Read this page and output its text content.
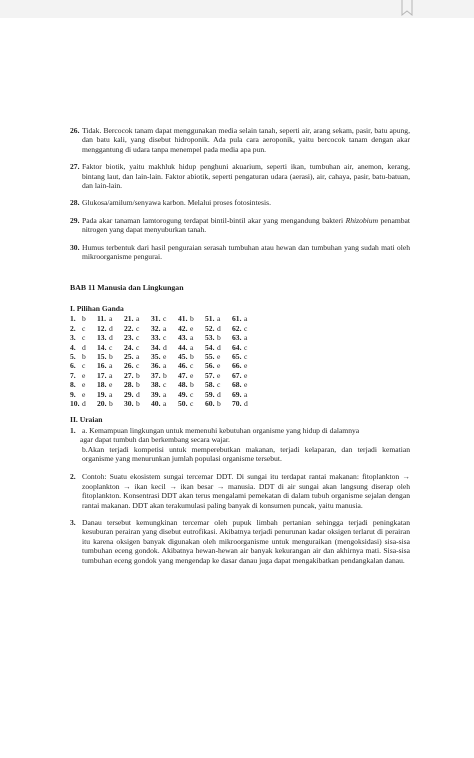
26. Tidak. Bercocok tanam dapat menggunakan media selain tanah, seperti air, arang sekam, pasir, batu apung, dan batu kali, yang disebut hidroponik. Ada pula cara aeroponik, yaitu bercocok tanam dengan akar menggantung di udara tanpa menempel pada media apa pun.
27. Faktor biotik, yaitu makhluk hidup penghuni akuarium, seperti ikan, tumbuhan air, anemon, kerang, bintang laut, dan lain-lain. Faktor abiotik, seperti pengaturan udara (aerasi), air, cahaya, pasir, batu-batuan, dan lain-lain.
28. Glukosa/amilum/senyawa karbon. Melalui proses fotosintesis.
29. Pada akar tanaman lamtorogung terdapat bintil-bintil akar yang mengandung bakteri Rhizobium penambat nitrogen yang dapat menyuburkan tanah.
30. Humus terbentuk dari hasil penguraian serasah tumbuhan atau hewan dan tumbuhan yang sudah mati oleh mikroorganisme pengurai.
BAB 11 Manusia dan Lingkungan
I. Pilihan Ganda
1.	b	11.	a	21.	a	31.	c	41.	b	51.	a	61.	a
2.	c	12.	d	22.	c	32.	a	42.	e	52.	d	62.	c
3.	c	13.	d	23.	c	33.	c	43.	a	53.	b	63.	a
4.	d	14.	c	24.	c	34.	d	44.	a	54.	d	64.	c
5.	b	15.	b	25.	a	35.	e	45.	b	55.	e	65.	c
6.	c	16.	a	26.	c	36.	a	46.	c	56.	e	66.	e
7.	e	17.	a	27.	b	37.	b	47.	e	57.	e	67.	e
8.	e	18.	e	28.	b	38.	c	48.	b	58.	c	68.	e
9.	e	19.	a	29.	d	39.	a	49.	c	59.	d	69.	a
10.	d	20.	b	30.	b	40.	a	50.	c	60.	b	70.	d
II. Uraian
1. a. Kemampuan lingkungan untuk memenuhi kebutuhan organisme yang hidup di dalamnya
agar dapat tumbuh dan berkembang secara wajar.
b.Akan terjadi kompetisi untuk memperebutkan makanan, terjadi kelaparan, dan terjadi kematian organisme yang menurunkan jumlah populasi organisme tersebut.
2. Contoh: Suatu ekosistem sungai tercemar DDT. Di sungai itu terdapat rantai makanan: fitoplankton → zooplankton → ikan kecil → ikan besar → manusia. DDT di air sungai akan langsung diserap oleh fitoplankton. Konsentrasi DDT akan terus mengalami pemekatan di dalam tubuh organisme sejalan dengan rantai makanan. DDT akan terakumulasi paling banyak di konsumen puncak, yaitu manusia.
3. Danau tersebut kemungkinan tercemar oleh pupuk limbah pertanian sehingga terjadi peningkatan kesuburan perairan yang disebut eutrofikasi. Akibatnya terjadi penurunan kadar oksigen terlarut di perairan itu karena oksigen banyak digunakan oleh mikroorganisme untuk menguraikan (mengoksidasi) sisa-sisa tumbuhan eceng gondok. Akibatnya hewan-hewan air banyak kekurangan air dan akhirnya mati. Sisa-sisa tumbuhan eceng gondok yang mengendap ke dasar danau juga dapat mengakibatkan pendangkalan danau.
